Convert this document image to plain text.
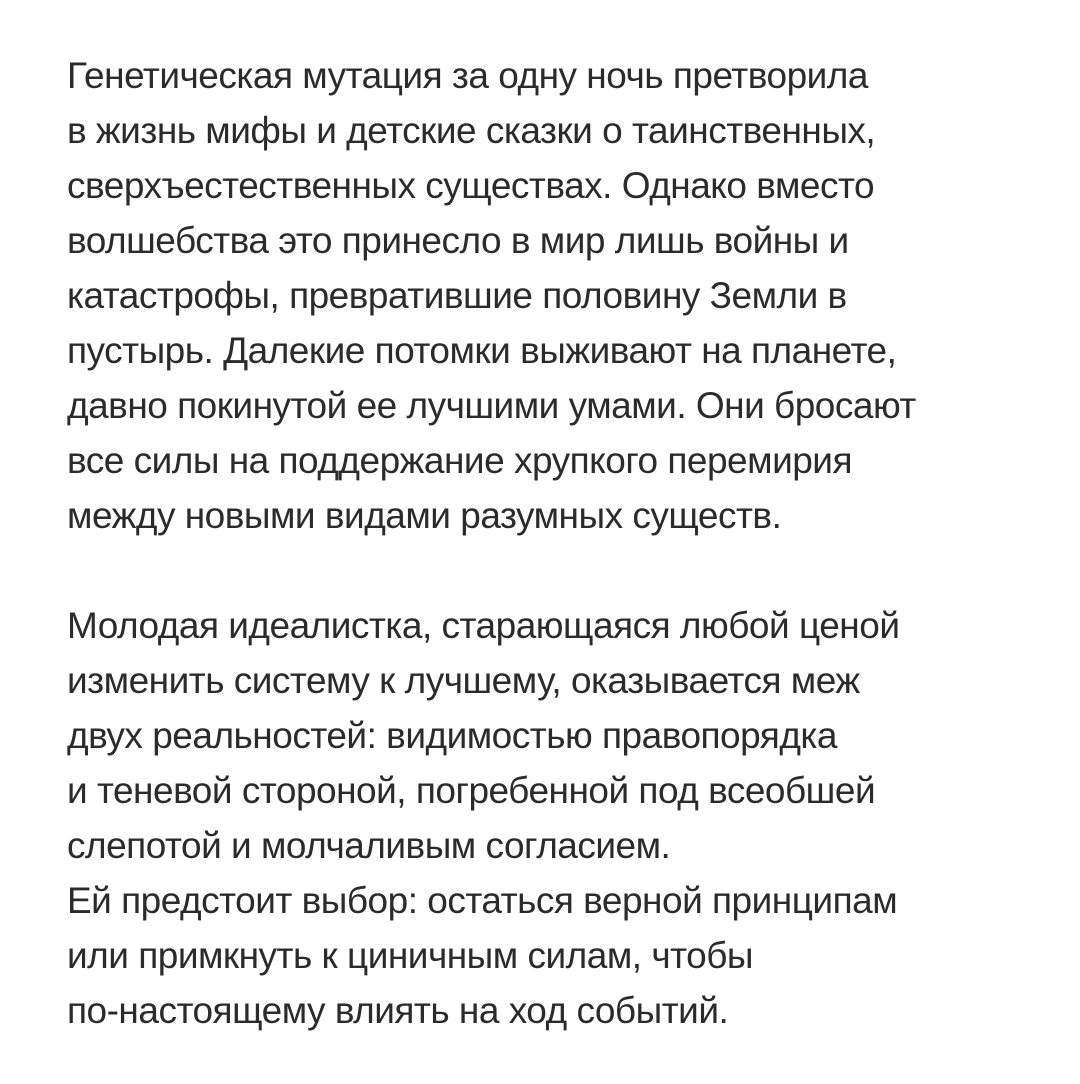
Генетическая мутация за одну ночь претворила
в жизнь мифы и детские сказки о таинственных,
сверхъестественных существах. Однако вместо
волшебства это принесло в мир лишь войны и
катастрофы, превратившие половину Земли в
пустырь. Далекие потомки выживают на планете,
давно покинутой ее лучшими умами. Они бросают
все силы на поддержание хрупкого перемирия
между новыми видами разумных существ.
Молодая идеалистка, старающаяся любой ценой
изменить систему к лучшему, оказывается меж
двух реальностей: видимостью правопорядка
и теневой стороной, погребенной под всеобшей
слепотой и молчаливым согласием.
Ей предстоит выбор: остаться верной принципам
или примкнуть к циничным силам, чтобы
по-настоящему влиять на ход событий.
